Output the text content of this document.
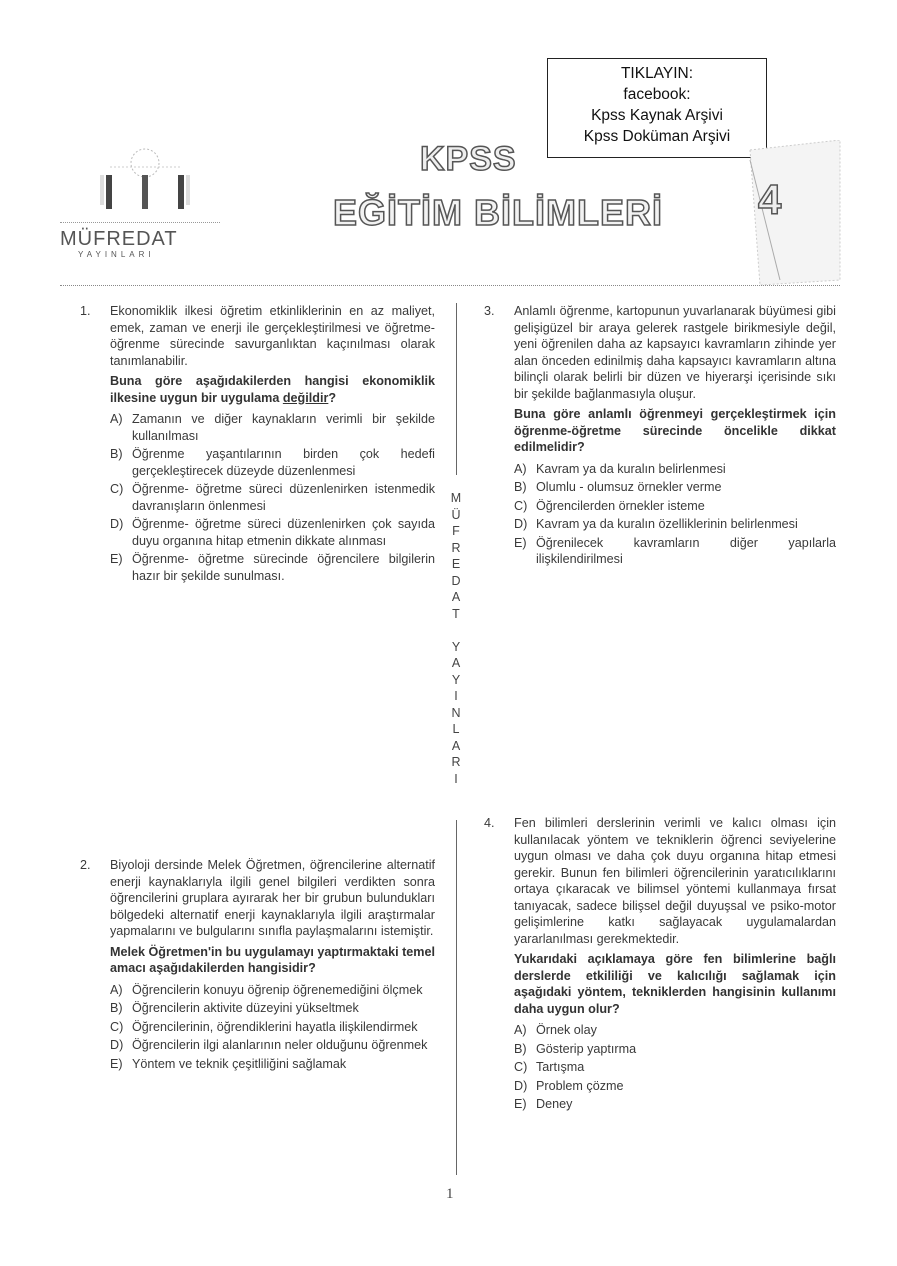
TIKLAYIN:
facebook:
Kpss Kaynak Arşivi
Kpss Doküman Arşivi
MÜFREDAT
YAYINLARI
KPSS
EĞİTİM BİLİMLERİ 4
M
Ü
F
R
E
D
A
T
Y
A
Y
I
N
L
A
R
I
1.	Ekonomiklik ilkesi öğretim etkinliklerinin en az maliyet, emek, zaman ve enerji ile gerçekleştirilmesi ve öğretme-öğrenme sürecinde savurganlıktan kaçınılması olarak tanımlanabilir.

Buna göre aşağıdakilerden hangisi ekonomiklik ilkesine uygun bir uygulama değildir?

A) Zamanın ve diğer kaynakların verimli bir şekilde kullanılması
B) Öğrenme yaşantılarının birden çok hedefi gerçekleştirecek düzeyde düzenlenmesi
C) Öğrenme- öğretme süreci düzenlenirken istenmedik davranışların önlenmesi
D) Öğrenme- öğretme süreci düzenlenirken çok sayıda duyu organına hitap etmenin dikkate alınması
E) Öğrenme- öğretme sürecinde öğrencilere bilgilerin hazır bir şekilde sunulması.
2.	Biyoloji dersinde Melek Öğretmen, öğrencilerine alternatif enerji kaynaklarıyla ilgili genel bilgileri verdikten sonra öğrencilerini gruplara ayırarak her bir grubun bulundukları bölgedeki alternatif enerji kaynaklarıyla ilgili araştırmalar yapmalarını ve bulgularını sınıfla paylaşmalarını istemiştir.

Melek Öğretmen'in bu uygulamayı yaptırmaktaki temel amacı aşağıdakilerden hangisidir?

A) Öğrencilerin konuyu öğrenip öğrenemediğini ölçmek
B) Öğrencilerin aktivite düzeyini yükseltmek
C) Öğrencilerinin, öğrendiklerini hayatla ilişkilendirmek
D) Öğrencilerin ilgi alanlarının neler olduğunu öğrenmek
E) Yöntem ve teknik çeşitliliğini sağlamak
3.	Anlamlı öğrenme, kartopunun yuvarlanarak büyümesi gibi gelişigüzel bir araya gelerek rastgele birikmesiyle değil, yeni öğrenilen daha az kapsayıcı kavramların zihinde yer alan önceden edinilmiş daha kapsayıcı kavramların altına bilinçli olarak belirli bir düzen ve hiyerarşi içerisinde sıkı bir şekilde bağlanmasıyla oluşur.

Buna göre anlamlı öğrenmeyi gerçekleştirmek için öğrenme-öğretme sürecinde öncelikle dikkat edilmelidir?

A) Kavram ya da kuralın belirlenmesi
B) Olumlu - olumsuz örnekler verme
C) Öğrencilerden örnekler isteme
D) Kavram ya da kuralın özelliklerinin belirlenmesi
E) Öğrenilecek kavramların diğer yapılarla ilişkilendirilmesi
4.	Fen bilimleri derslerinin verimli ve kalıcı olması için kullanılacak yöntem ve tekniklerin öğrenci seviyelerine uygun olması ve daha çok duyu organına hitap etmesi gerekir. Bunun fen bilimleri öğrencilerinin yaratıcılıklarını ortaya çıkaracak ve bilimsel yöntemi kullanmaya fırsat tanıyacak, sadece bilişsel değil duyuşsal ve psiko-motor gelişimlerine katkı sağlayacak uygulamalardan yararlanılması gerekmektedir.

Yukarıdaki açıklamaya göre fen bilimlerine bağlı derslerde etkililiği ve kalıcılığı sağlamak için aşağıdaki yöntem, tekniklerden hangisinin kullanımı daha uygun olur?

A) Örnek olay
B) Gösterip yaptırma
C) Tartışma
D) Problem çözme
E) Deney
1
